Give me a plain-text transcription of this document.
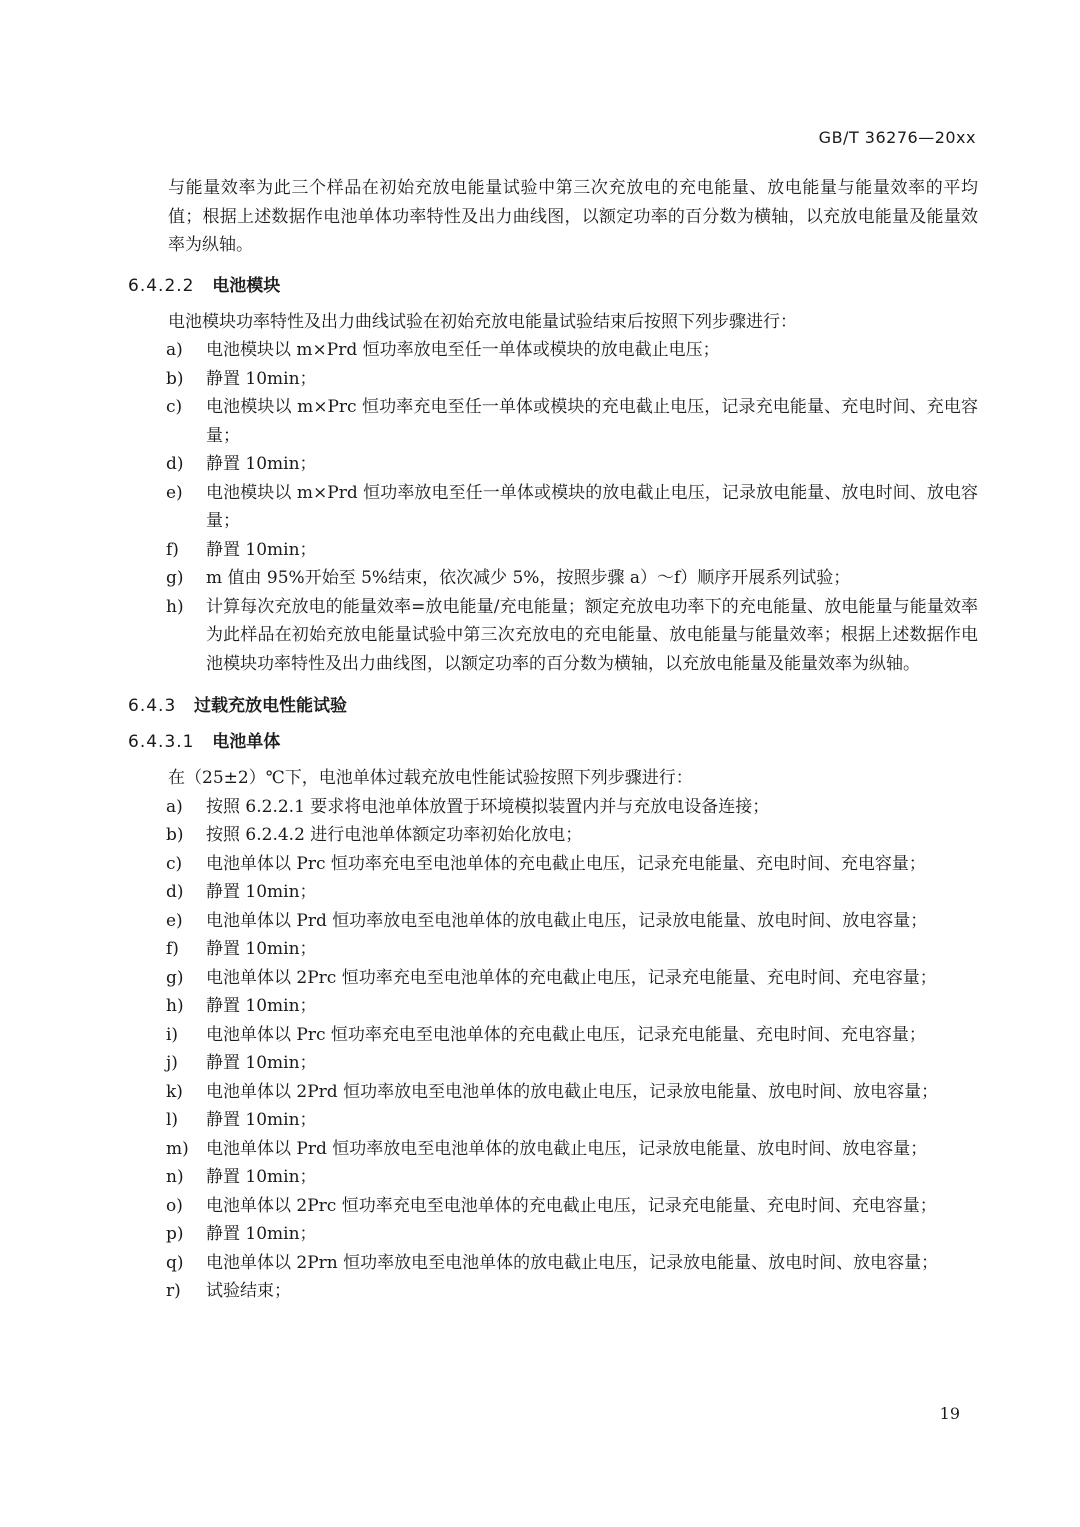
GB/T 36276—20xx

与能量效率为此三个样品在初始充放电能量试验中第三次充放电的充电能量、放电能量与能量效率的平均值；根据上述数据作电池单体功率特性及出力曲线图，以额定功率的百分数为横轴，以充放电能量及能量效率为纵轴。

6.4.2.2 电池模块

电池模块功率特性及出力曲线试验在初始充放电能量试验结束后按照下列步骤进行：

a)	电池模块以 m×Prd 恒功率放电至任一单体或模块的放电截止电压；
b)	静置 10min；
c)	电池模块以 m×Prc 恒功率充电至任一单体或模块的充电截止电压，记录充电能量、充电时间、充电容量；
d)	静置 10min；
e)	电池模块以 m×Prd 恒功率放电至任一单体或模块的放电截止电压，记录放电能量、放电时间、放电容量；
f)	静置 10min；
g)	m 值由 95%开始至 5%结束，依次减少 5%，按照步骤 a）～f）顺序开展系列试验；
h)	计算每次充放电的能量效率=放电能量/充电能量；额定充放电功率下的充电能量、放电能量与能量效率为此样品在初始充放电能量试验中第三次充放电的充电能量、放电能量与能量效率；根据上述数据作电池模块功率特性及出力曲线图，以额定功率的百分数为横轴，以充放电能量及能量效率为纵轴。

6.4.3 过载充放电性能试验

6.4.3.1 电池单体

在（25±2）℃下，电池单体过载充放电性能试验按照下列步骤进行：

a)	按照 6.2.2.1 要求将电池单体放置于环境模拟装置内并与充放电设备连接；
b)	按照 6.2.4.2 进行电池单体额定功率初始化放电；
c)	电池单体以 Prc 恒功率充电至电池单体的充电截止电压，记录充电能量、充电时间、充电容量；
d)	静置 10min；
e)	电池单体以 Prd 恒功率放电至电池单体的放电截止电压，记录放电能量、放电时间、放电容量；
f)	静置 10min；
g)	电池单体以 2Prc 恒功率充电至电池单体的充电截止电压，记录充电能量、充电时间、充电容量；
h)	静置 10min；
i)	电池单体以 Prc 恒功率充电至电池单体的充电截止电压，记录充电能量、充电时间、充电容量；
j)	静置 10min；
k)	电池单体以 2Prd 恒功率放电至电池单体的放电截止电压，记录放电能量、放电时间、放电容量；
l)	静置 10min；
m)	电池单体以 Prd 恒功率放电至电池单体的放电截止电压，记录放电能量、放电时间、放电容量；
n)	静置 10min；
o)	电池单体以 2Prc 恒功率充电至电池单体的充电截止电压，记录充电能量、充电时间、充电容量；
p)	静置 10min；
q)	电池单体以 2Prn 恒功率放电至电池单体的放电截止电压，记录放电能量、放电时间、放电容量；
r)	试验结束；
19
